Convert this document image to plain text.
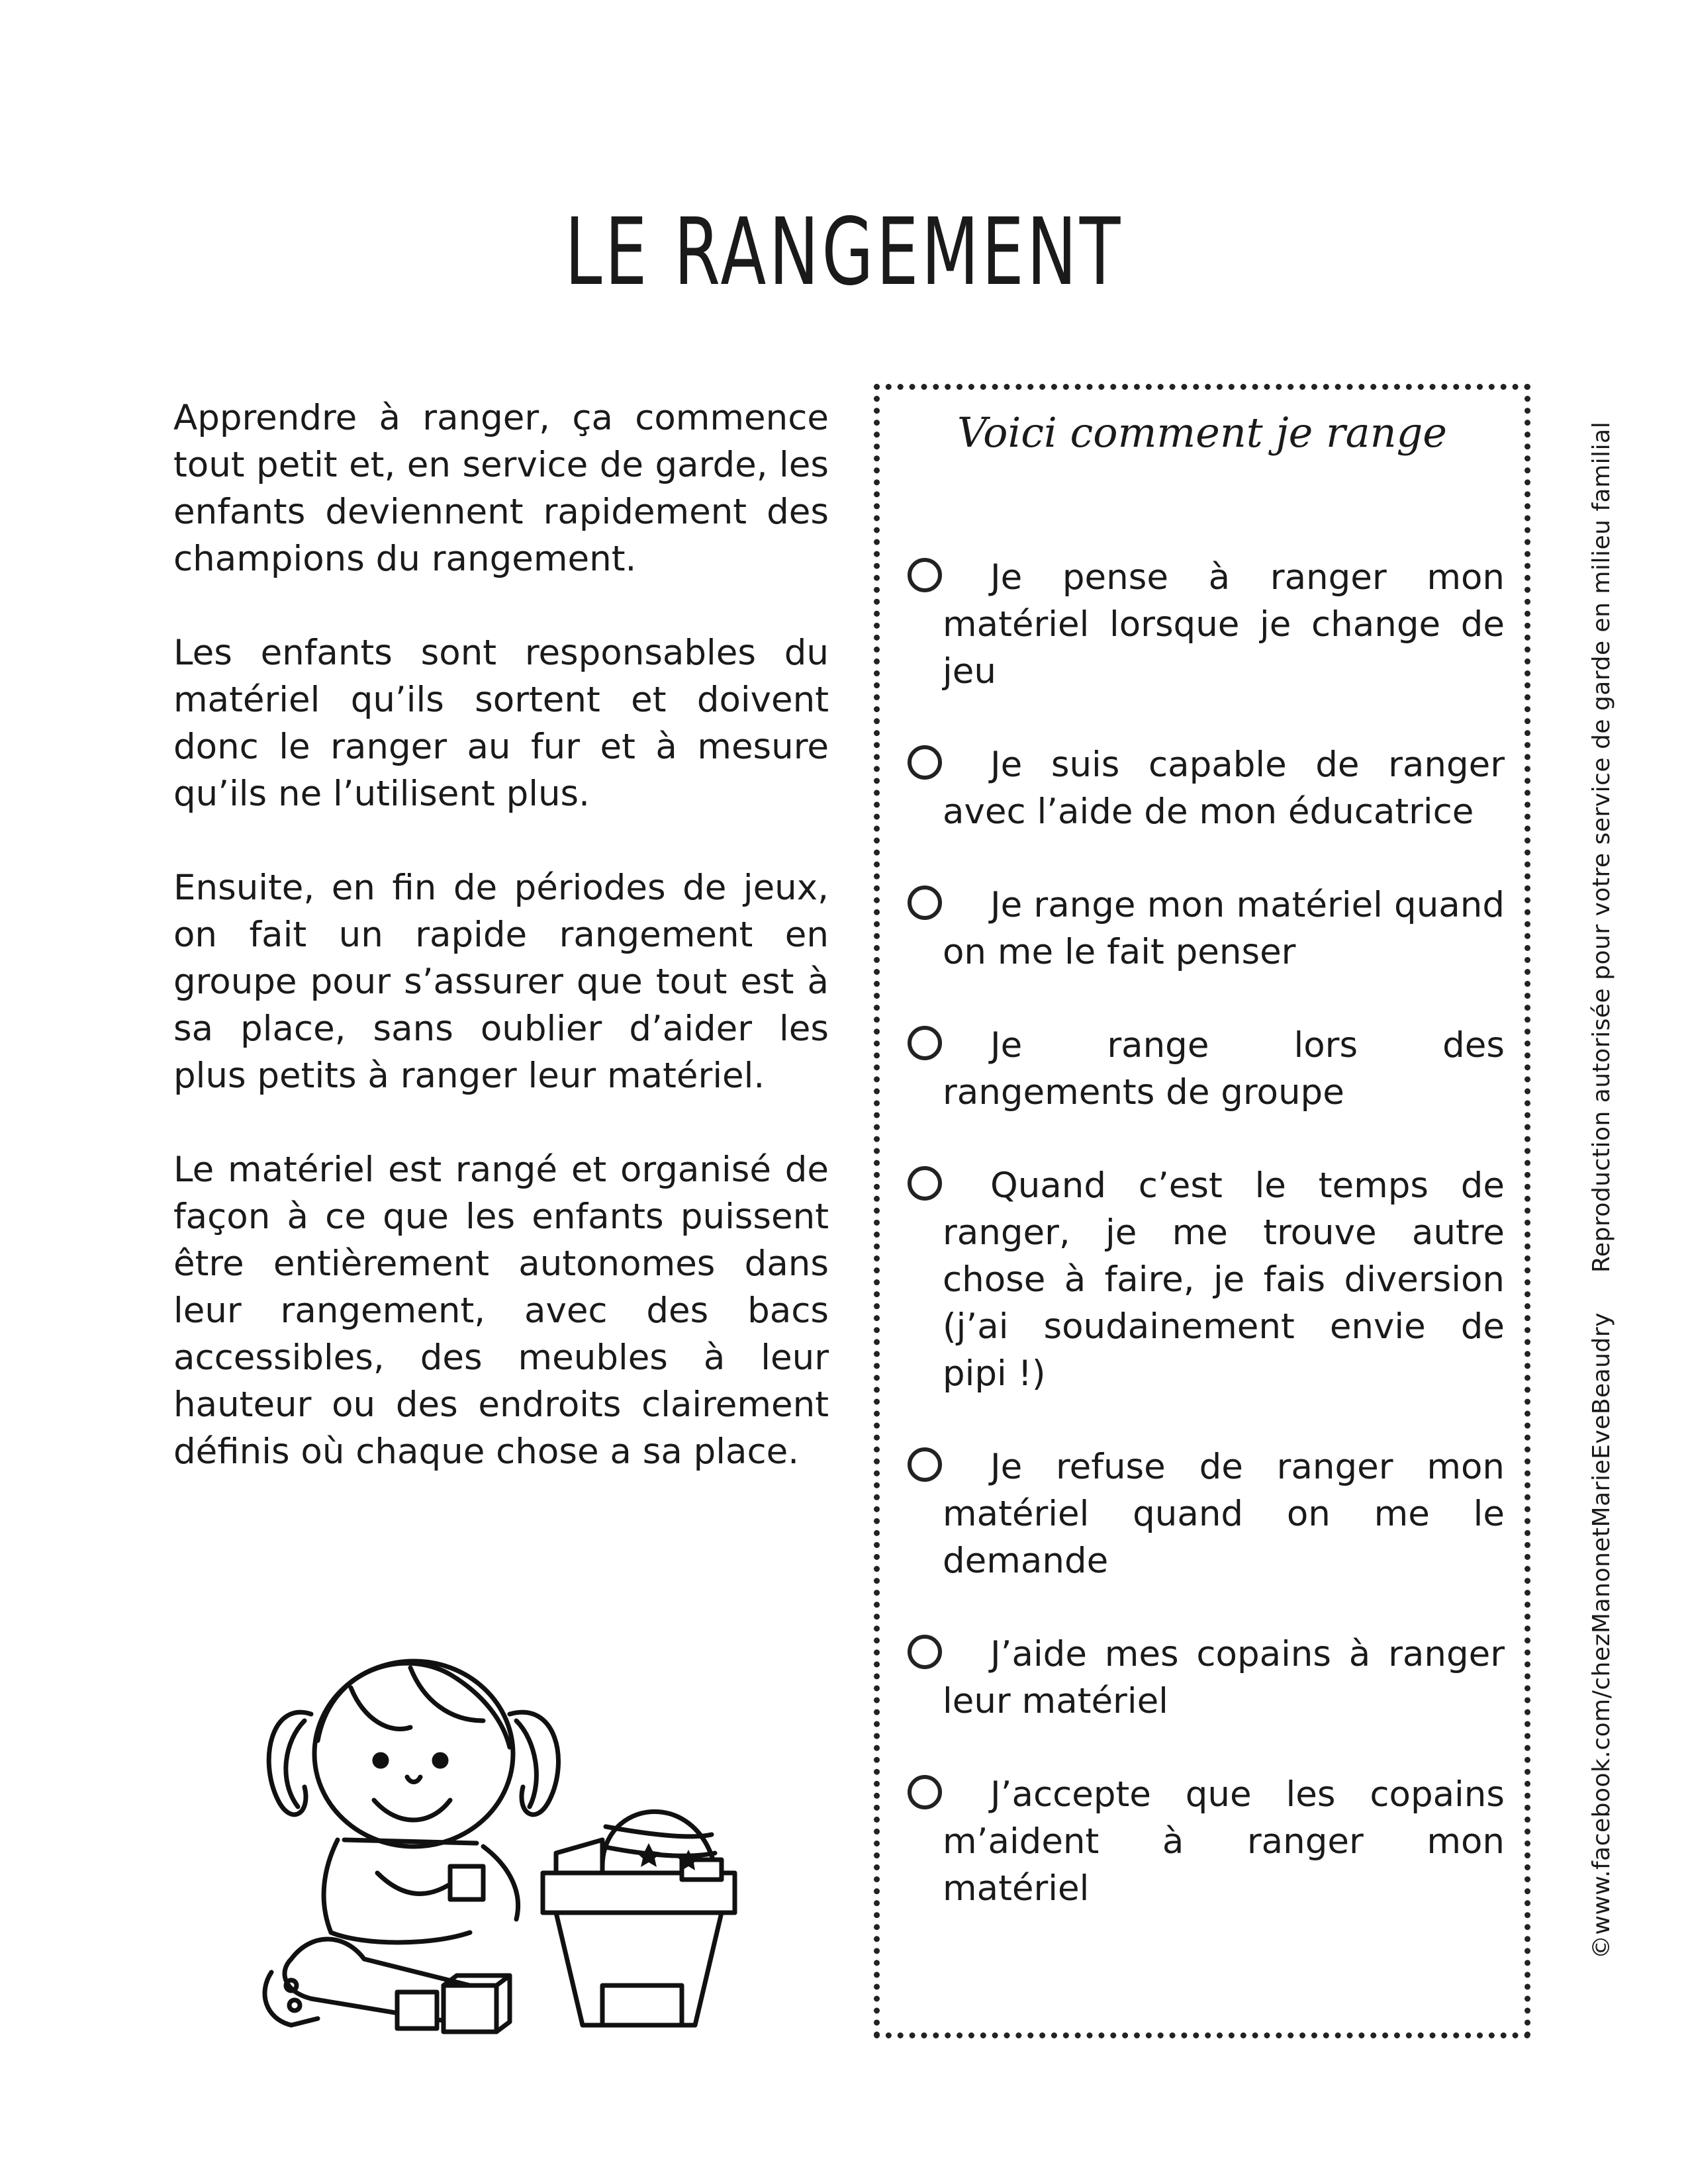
LE RANGEMENT

Apprendre à ranger, ça commence tout petit et, en service de garde, les enfants deviennent rapidement des champions du rangement.

Les enfants sont responsables du matériel qu’ils sortent et doivent donc le ranger au fur et à mesure qu’ils ne l’utilisent plus.

Ensuite, en fin de périodes de jeux, on fait un rapide rangement en groupe pour s’assurer que tout est à sa place, sans oublier d’aider les plus petits à ranger leur matériel.

Le matériel est rangé et organisé de façon à ce que les enfants puissent être entièrement autonomes dans leur rangement, avec des bacs accessibles, des meubles à leur hauteur ou des endroits clairement définis où chaque chose a sa place.

Voici comment je range
Je pense à ranger mon matériel lorsque je change de jeu
Je suis capable de ranger avec l’aide de mon éducatrice
Je range mon matériel quand on me le fait penser
Je range lors des rangements de groupe
Quand c’est le temps de ranger, je me trouve autre chose à faire, je fais diversion (j’ai soudainement envie de pipi !)
Je refuse de ranger mon matériel quand on me le demande
J’aide mes copains à ranger leur matériel
J’accepte que les copains m’aident à ranger mon matériel	©www.facebook.com/chezManonetMarieEveBeaudryReproduction autorisée pour votre service de garde en milieu familial
